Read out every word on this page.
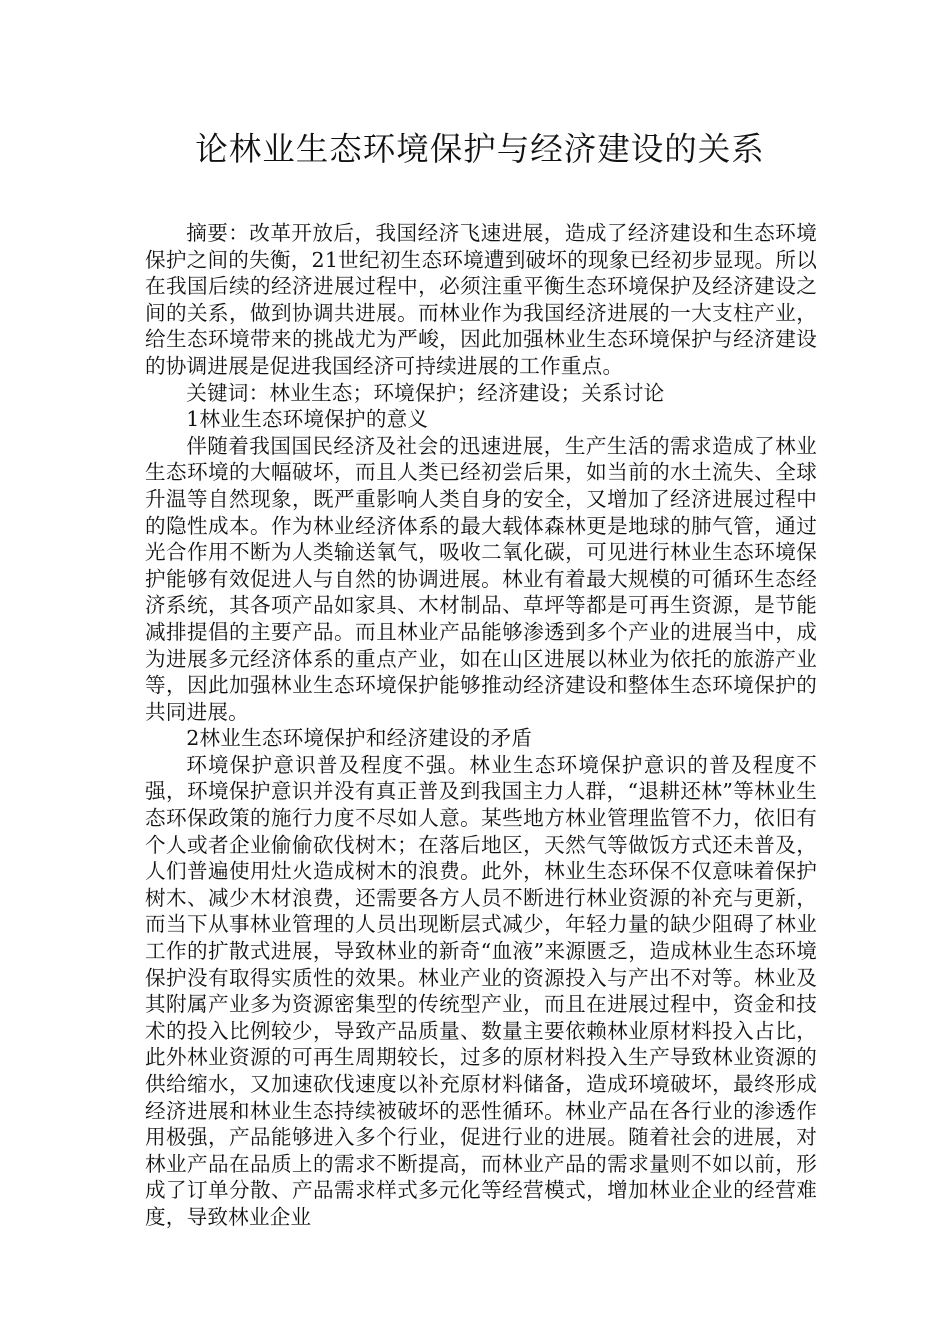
论林业生态环境保护与经济建设的关系

摘要：改革开放后，我国经济飞速进展，造成了经济建设和生态环境保护之间的失衡，21世纪初生态环境遭到破坏的现象已经初步显现。所以在我国后续的经济进展过程中，必须注重平衡生态环境保护及经济建设之间的关系，做到协调共进展。而林业作为我国经济进展的一大支柱产业，给生态环境带来的挑战尤为严峻，因此加强林业生态环境保护与经济建设的协调进展是促进我国经济可持续进展的工作重点。

关键词：林业生态；环境保护；经济建设；关系讨论

1林业生态环境保护的意义

伴随着我国国民经济及社会的迅速进展，生产生活的需求造成了林业生态环境的大幅破坏，而且人类已经初尝后果，如当前的水土流失、全球升温等自然现象，既严重影响人类自身的安全，又增加了经济进展过程中的隐性成本。作为林业经济体系的最大载体森林更是地球的肺气管，通过光合作用不断为人类输送氧气，吸收二氧化碳，可见进行林业生态环境保护能够有效促进人与自然的协调进展。林业有着最大规模的可循环生态经济系统，其各项产品如家具、木材制品、草坪等都是可再生资源，是节能减排提倡的主要产品。而且林业产品能够渗透到多个产业的进展当中，成为进展多元经济体系的重点产业，如在山区进展以林业为依托的旅游产业等，因此加强林业生态环境保护能够推动经济建设和整体生态环境保护的共同进展。

2林业生态环境保护和经济建设的矛盾

环境保护意识普及程度不强。林业生态环境保护意识的普及程度不强，环境保护意识并没有真正普及到我国主力人群，“退耕还林”等林业生态环保政策的施行力度不尽如人意。某些地方林业管理监管不力，依旧有个人或者企业偷偷砍伐树木；在落后地区，天然气等做饭方式还未普及，人们普遍使用灶火造成树木的浪费。此外，林业生态环保不仅意味着保护树木、减少木材浪费，还需要各方人员不断进行林业资源的补充与更新，而当下从事林业管理的人员出现断层式减少，年轻力量的缺少阻碍了林业工作的扩散式进展，导致林业的新奇“血液”来源匮乏，造成林业生态环境保护没有取得实质性的效果。林业产业的资源投入与产出不对等。林业及其附属产业多为资源密集型的传统型产业，而且在进展过程中，资金和技术的投入比例较少，导致产品质量、数量主要依赖林业原材料投入占比，此外林业资源的可再生周期较长，过多的原材料投入生产导致林业资源的供给缩水，又加速砍伐速度以补充原材料储备，造成环境破坏，最终形成经济进展和林业生态持续被破坏的恶性循环。林业产品在各行业的渗透作用极强，产品能够进入多个行业，促进行业的进展。随着社会的进展，对林业产品在品质上的需求不断提高，而林业产品的需求量则不如以前，形成了订单分散、产品需求样式多元化等经营模式，增加林业企业的经营难度，导致林业企业
